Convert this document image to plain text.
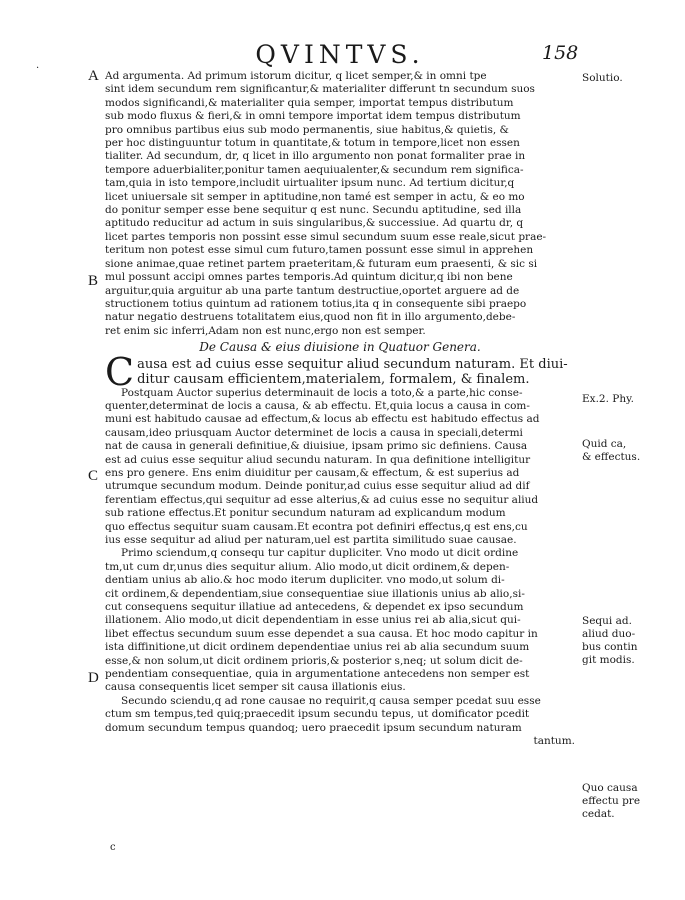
.	QVINTVS.	158
A
B
C
D
Solutio.
Ex.2. Phy.
Quid ca,
& effectus.
Sequi ad.
aliud duo-
bus contin
git modis.
Quo causa
effectu pre
cedat.

Ad argumenta. Ad primum istorum dicitur, q licet semper,& in omni tpe
sint idem secundum rem significantur,& materialiter differunt tn secundum suos
modos significandi,& materialiter quia semper, importat tempus distributum
sub modo fluxus & fieri,& in omni tempore importat idem tempus distributum
pro omnibus partibus eius sub modo permanentis, siue habitus,& quietis, &
per hoc distinguuntur totum in quantitate,& totum in tempore,licet non essen
tialiter. Ad secundum, dr, q licet in illo argumento non ponat formaliter prae in
tempore aduerbialiter,ponitur tamen aequiualenter,& secundum rem significa-
tam,quia in isto tempore,includit uirtualiter ipsum nunc. Ad tertium dicitur,q
licet uniuersale sit semper in aptitudine,non tamé est semper in actu, & eo mo
do ponitur semper esse bene sequitur q est nunc. Secundu aptitudine, sed illa
aptitudo reducitur ad actum in suis singularibus,& successiue. Ad quartu dr, q
licet partes temporis non possint esse simul secundum suum esse reale,sicut prae-
teritum non potest esse simul cum futuro,tamen possunt esse simul in apprehen
sione animae,quae retinet partem praeteritam,& futuram eum praesenti, & sic si
mul possunt accipi omnes partes temporis.Ad quintum dicitur,q ibi non bene
arguitur,quia arguitur ab una parte tantum destructiue,oportet arguere ad de
structionem totius quintum ad rationem totius,ita q in consequente sibi praepo
natur negatio destruens totalitatem eius,quod non fit in illo argumento,debe-
ret enim sic inferri,Adam non est nunc,ergo non est semper.

De Causa & eius diuisione in Quatuor Genera.
C ausa est ad cuius esse sequitur aliud secundum naturam. Et diui-
ditur causam efficientem,materialem, formalem, & finalem.

Postquam Auctor superius determinauit de locis a toto,& a parte,hic conse-

quenter,determinat de locis a causa, & ab effectu. Et,quia locus a causa in com-
muni est habitudo causae ad effectum,& locus ab effectu est habitudo effectus ad
causam,ideo priusquam Auctor determinet de locis a causa in speciali,determi
nat de causa in generali definitiue,& diuisiue, ipsam primo sic definiens. Causa
est ad cuius esse sequitur aliud secundu naturam. In qua definitione intelligitur
ens pro genere. Ens enim diuiditur per causam,& effectum, & est superius ad
utrumque secundum modum. Deinde ponitur,ad cuius esse sequitur aliud ad dif
ferentiam effectus,qui sequitur ad esse alterius,& ad cuius esse no sequitur aliud
sub ratione effectus.Et ponitur secundum naturam ad explicandum modum
quo effectus sequitur suam causam.Et econtra pot definiri effectus,q est ens,cu
ius esse sequitur ad aliud per naturam,uel est partita similitudo suae causae.

Primo sciendum,q consequ tur capitur dupliciter. Vno modo ut dicit ordine

tm,ut cum dr,unus dies sequitur alium. Alio modo,ut dicit ordinem,& depen-
dentiam unius ab alio.& hoc modo iterum dupliciter. vno modo,ut solum di-
cit ordinem,& dependentiam,siue consequentiae siue illationis unius ab alio,si-
cut consequens sequitur illatiue ad antecedens, & dependet ex ipso secundum
illationem. Alio modo,ut dicit dependentiam in esse unius rei ab alia,sicut qui-
libet effectus secundum suum esse dependet a sua causa. Et hoc modo capitur in
ista diffinitione,ut dicit ordinem dependentiae unius rei ab alia secundum suum
esse,& non solum,ut dicit ordinem prioris,& posterior s,neq; ut solum dicit de-
pendentiam consequentiae, quia in argumentatione antecedens non semper est
causa consequentis licet semper sit causa illationis eius.

Secundo sciendu,q ad rone causae no requirit,q causa semper pcedat suu esse

ctum sm tempus,ted quiq;praecedit ipsum secundu tepus, ut domificator pcedit
domum secundum tempus quandoq; uero praecedit ipsum secundum naturam
tantum.

c
